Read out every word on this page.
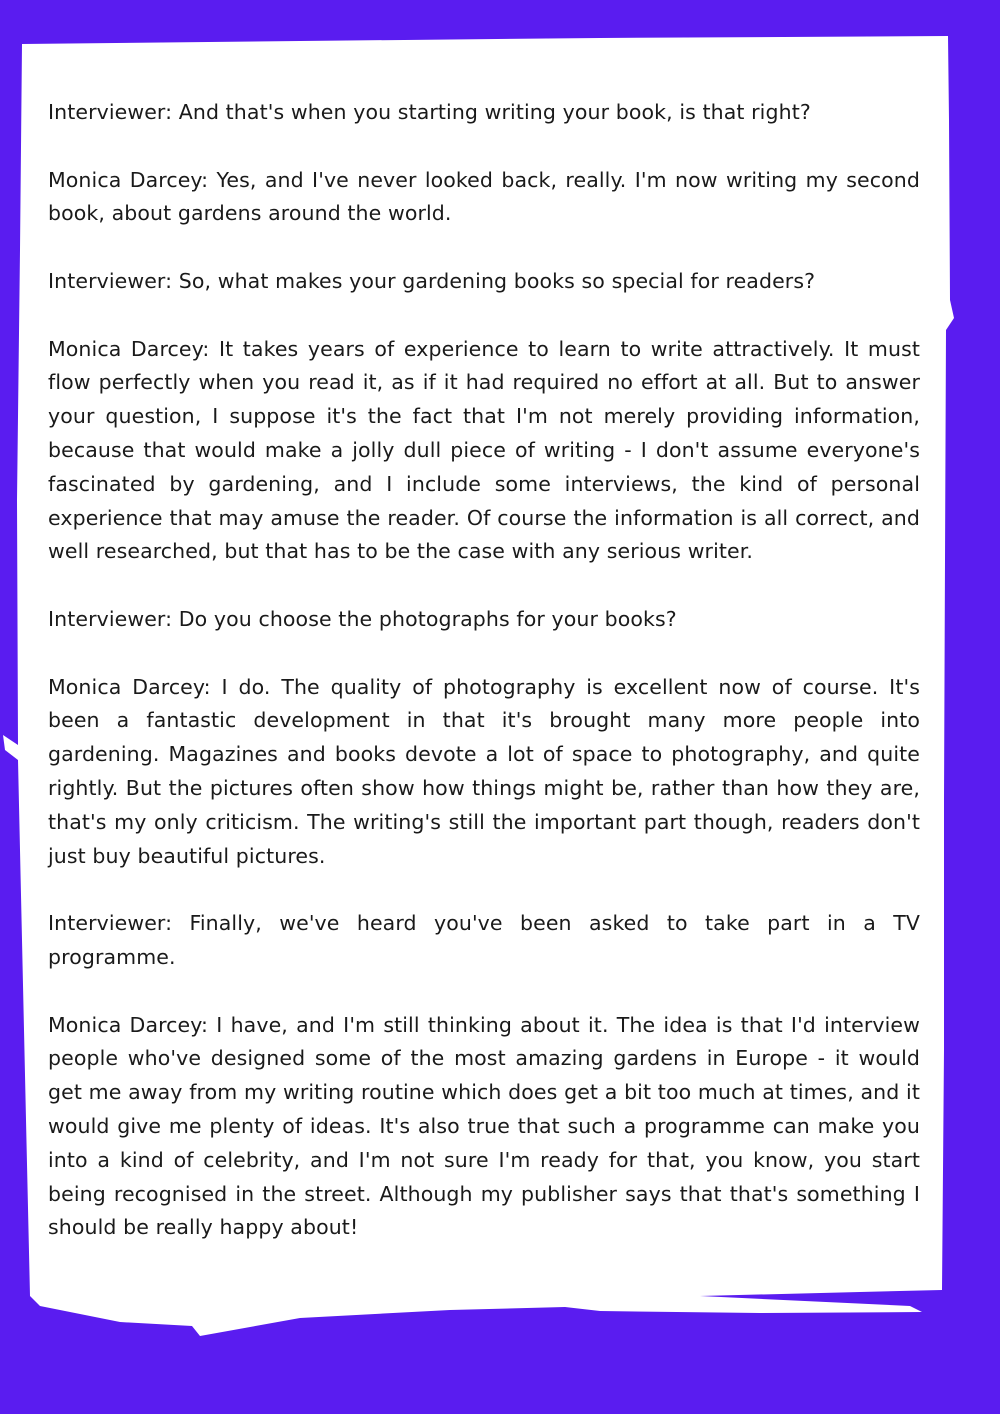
Interviewer: And that's when you starting writing your book, is that right?

Monica Darcey: Yes, and I've never looked back, really. I'm now writing my second book, about gardens around the world.

Interviewer: So, what makes your gardening books so special for readers?

Monica Darcey: It takes years of experience to learn to write attractively. It must flow perfectly when you read it, as if it had required no effort at all. But to answer your question, I suppose it's the fact that I'm not merely providing information, because that would make a jolly dull piece of writing - I don't assume everyone's fascinated by gardening, and I include some interviews, the kind of personal experience that may amuse the reader. Of course the information is all correct, and well researched, but that has to be the case with any serious writer.

Interviewer: Do you choose the photographs for your books?

Monica Darcey: I do. The quality of photography is excellent now of course. It's been a fantastic development in that it's brought many more people into gardening. Magazines and books devote a lot of space to photography, and quite rightly. But the pictures often show how things might be, rather than how they are, that's my only criticism. The writing's still the important part though, readers don't just buy beautiful pictures.

Interviewer: Finally, we've heard you've been asked to take part in a TV programme.

Monica Darcey: I have, and I'm still thinking about it. The idea is that I'd interview people who've designed some of the most amazing gardens in Europe - it would get me away from my writing routine which does get a bit too much at times, and it would give me plenty of ideas. It's also true that such a programme can make you into a kind of celebrity, and I'm not sure I'm ready for that, you know, you start being recognised in the street. Although my publisher says that that's something I should be really happy about!
